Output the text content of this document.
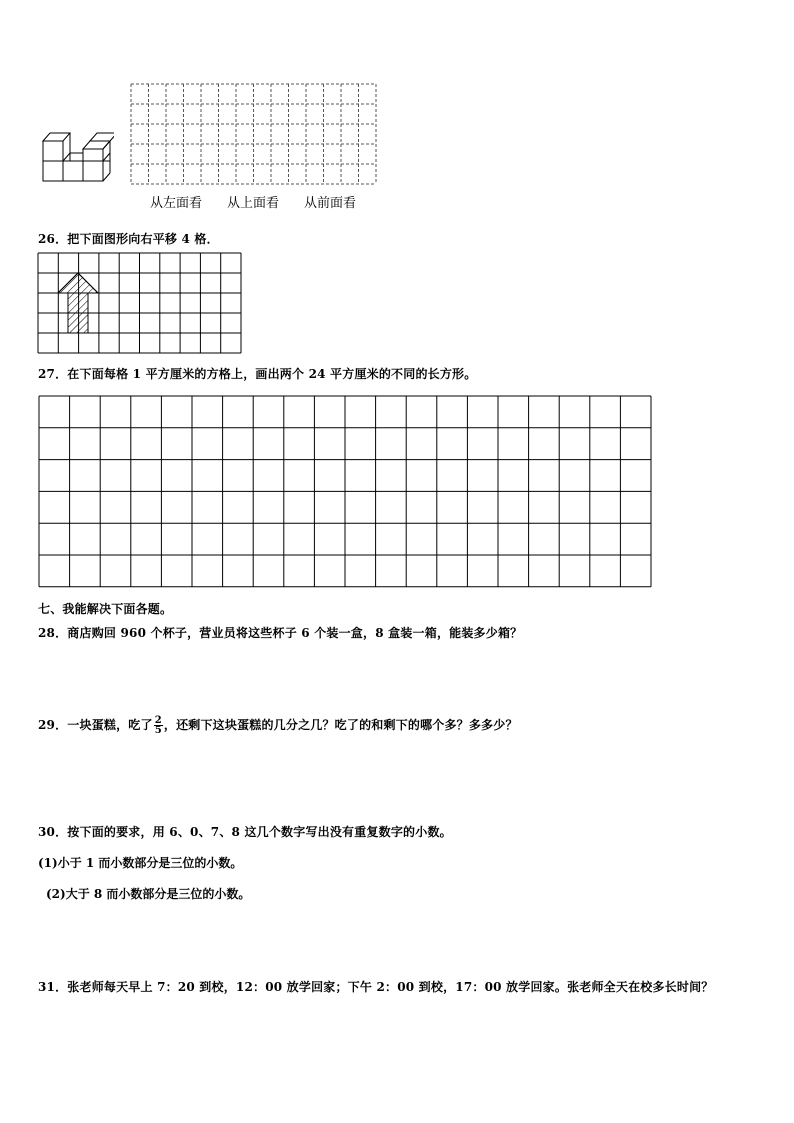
从左面看 从上面看 从前面看
26．把下面图形向右平移 4 格．
27．在下面每格 1 平方厘米的方格上，画出两个 24 平方厘米的不同的长方形。
七、我能解决下面各题。
28．商店购回 960 个杯子，营业员将这些杯子 6 个装一盒，8 盒装一箱，能装多少箱？
29．一块蛋糕，吃了 $\frac{2}{5}$ ，还剩下这块蛋糕的几分之几？吃了的和剩下的哪个多？多多少？
30．按下面的要求，用 6、0、7、8 这几个数字写出没有重复数字的小数。
(1)小于 1 而小数部分是三位的小数。
(2)大于 8 而小数部分是三位的小数。
31．张老师每天早上 7：20 到校，12：00 放学回家；下午 2：00 到校，17：00 放学回家。张老师全天在校多长时间？
